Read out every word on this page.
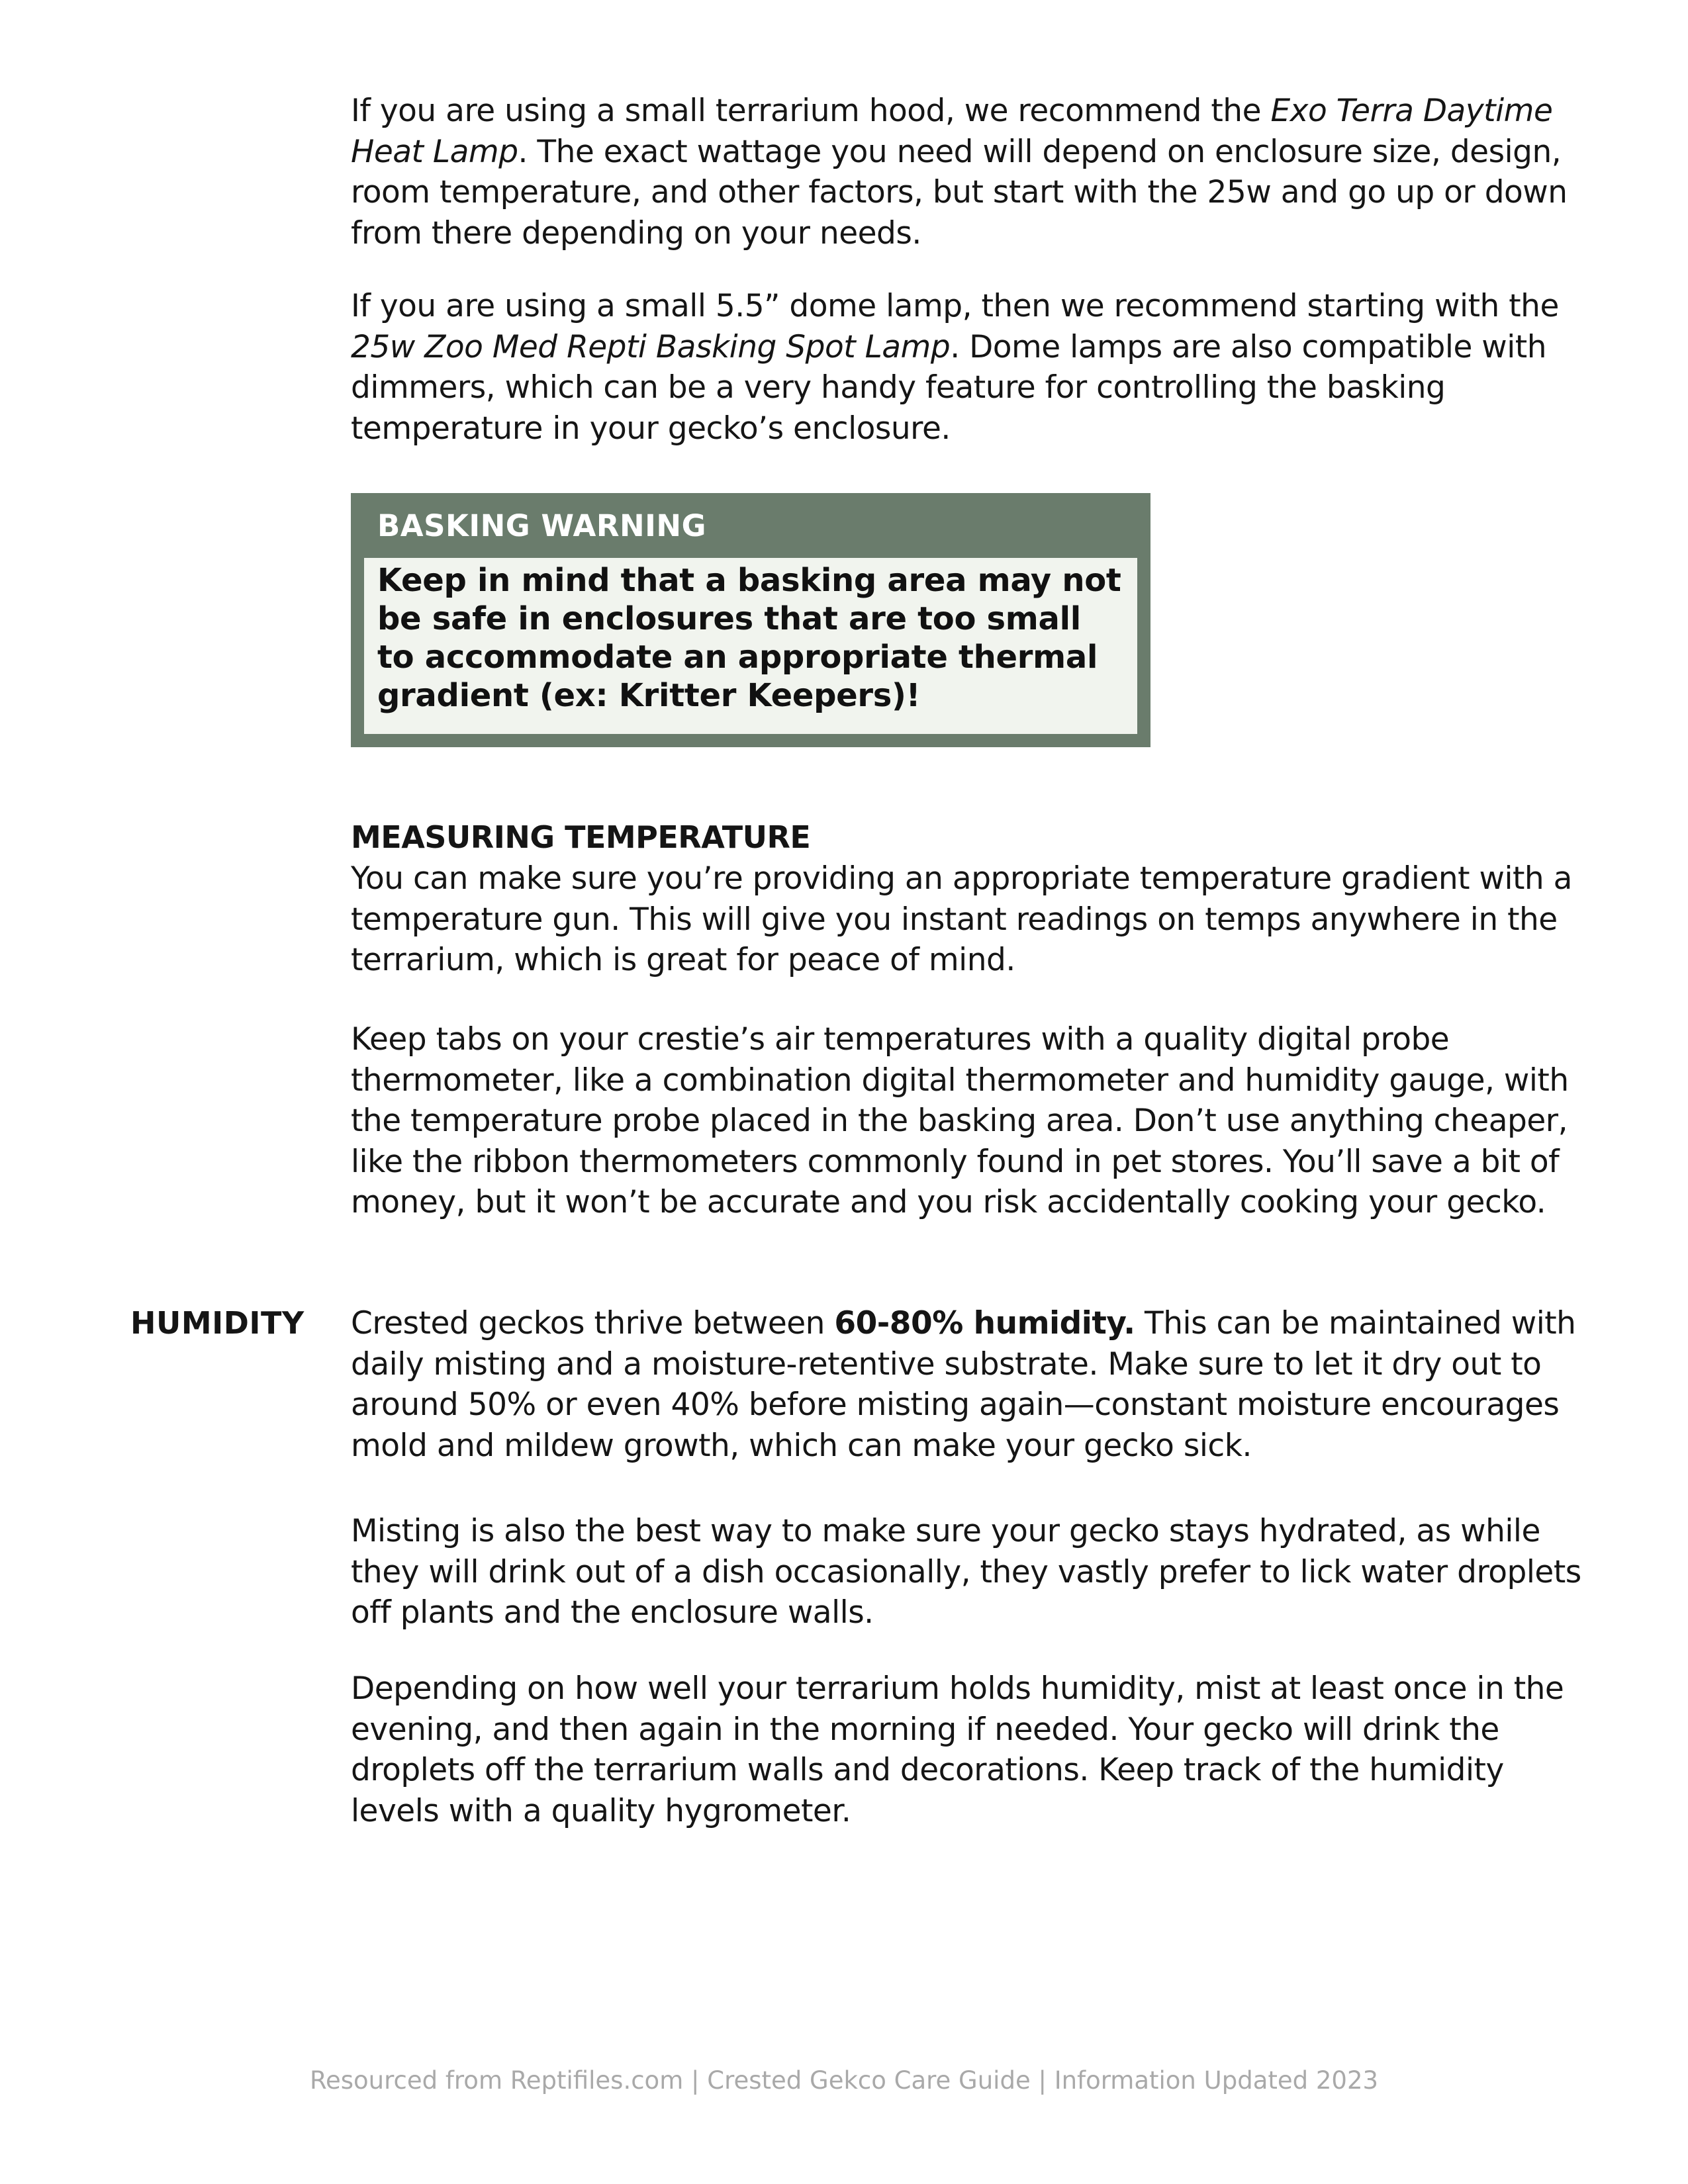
If you are using a small terrarium hood, we recommend the Exo Terra Daytime Heat Lamp. The exact wattage you need will depend on enclosure size, design, room temperature, and other factors, but start with the 25w and go up or down from there depending on your needs.

If you are using a small 5.5” dome lamp, then we recommend starting with the 25w Zoo Med Repti Basking Spot Lamp. Dome lamps are also compatible with dimmers, which can be a very handy feature for controlling the basking temperature in your gecko’s enclosure.

BASKING WARNING

Keep in mind that a basking area may not be safe in enclosures that are too small to accommodate an appropriate thermal gradient (ex: Kritter Keepers)!

MEASURING TEMPERATURE

You can make sure you’re providing an appropriate temperature gradient with a temperature gun. This will give you instant readings on temps anywhere in the terrarium, which is great for peace of mind.

Keep tabs on your crestie’s air temperatures with a quality digital probe thermometer, like a combination digital thermometer and humidity gauge, with the temperature probe placed in the basking area. Don’t use anything cheaper, like the ribbon thermometers commonly found in pet stores. You’ll save a bit of money, but it won’t be accurate and you risk accidentally cooking your gecko.

HUMIDITY Crested geckos thrive between 60-80% humidity. This can be maintained with daily misting and a moisture-retentive substrate. Make sure to let it dry out to around 50% or even 40% before misting again—constant moisture encourages mold and mildew growth, which can make your gecko sick.

Misting is also the best way to make sure your gecko stays hydrated, as while they will drink out of a dish occasionally, they vastly prefer to lick water droplets off plants and the enclosure walls.

Depending on how well your terrarium holds humidity, mist at least once in the evening, and then again in the morning if needed. Your gecko will drink the droplets off the terrarium walls and decorations. Keep track of the humidity levels with a quality hygrometer.

Resourced from Reptifiles.com | Crested Gekco Care Guide | Information Updated 2023
